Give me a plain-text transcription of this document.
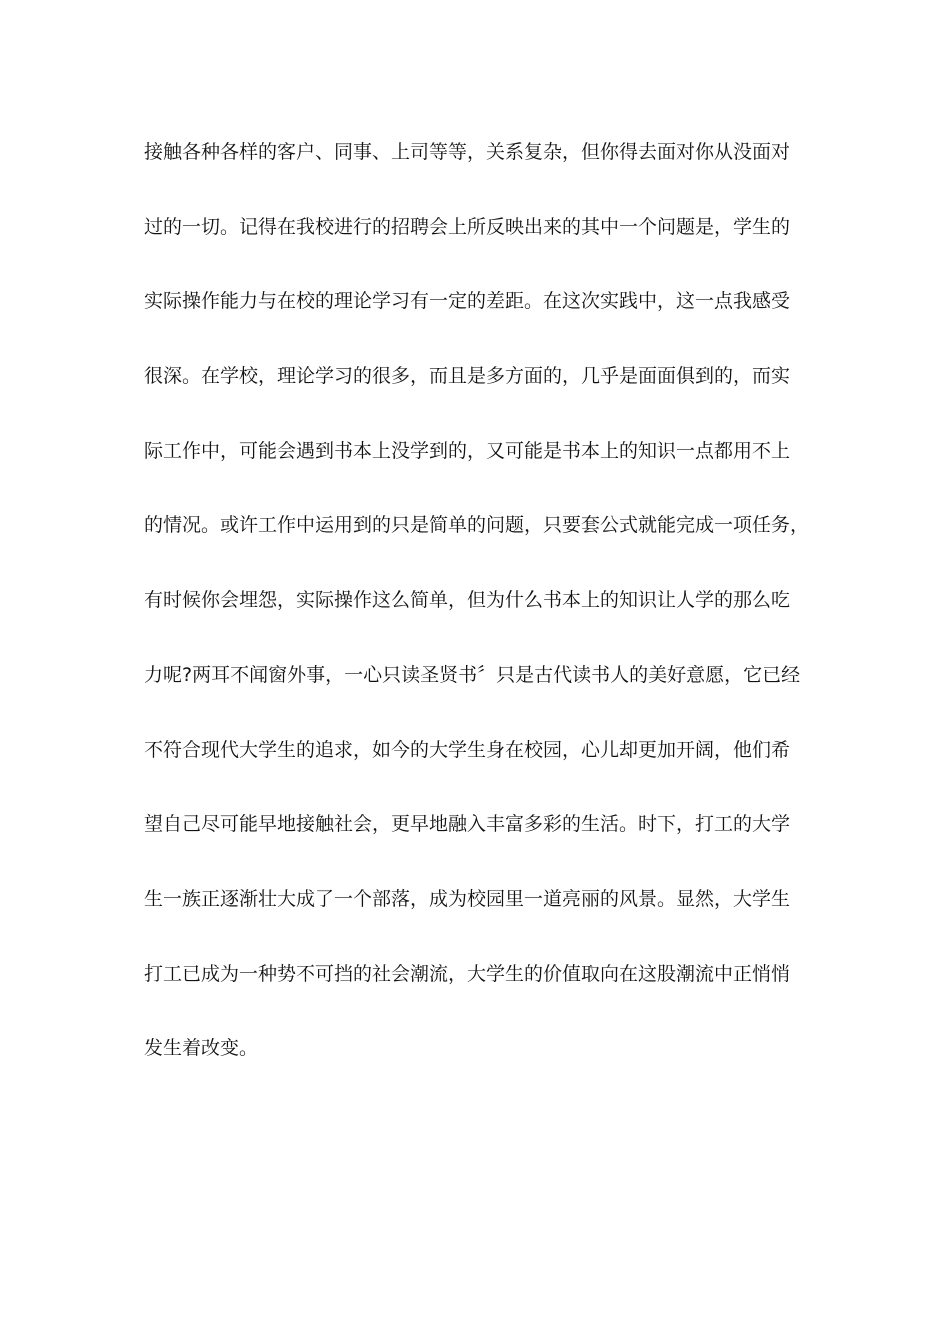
接触各种各样的客户、同事、上司等等，关系复杂，但你得去面对你从没面对
过的一切。记得在我校进行的招聘会上所反映出来的其中一个问题是，学生的
实际操作能力与在校的理论学习有一定的差距。在这次实践中，这一点我感受
很深。在学校，理论学习的很多，而且是多方面的，几乎是面面俱到的，而实
际工作中，可能会遇到书本上没学到的，又可能是书本上的知识一点都用不上
的情况。或许工作中运用到的只是简单的问题，只要套公式就能完成一项任务，
有时候你会埋怨，实际操作这么简单，但为什么书本上的知识让人学的那么吃
力呢?两耳不闻窗外事，一心只读圣贤书〞只是古代读书人的美好意愿，它已经
不符合现代大学生的追求，如今的大学生身在校园，心儿却更加开阔，他们希
望自己尽可能早地接触社会，更早地融入丰富多彩的生活。时下，打工的大学
生一族正逐渐壮大成了一个部落，成为校园里一道亮丽的风景。显然，大学生
打工已成为一种势不可挡的社会潮流，大学生的价值取向在这股潮流中正悄悄
发生着改变。
